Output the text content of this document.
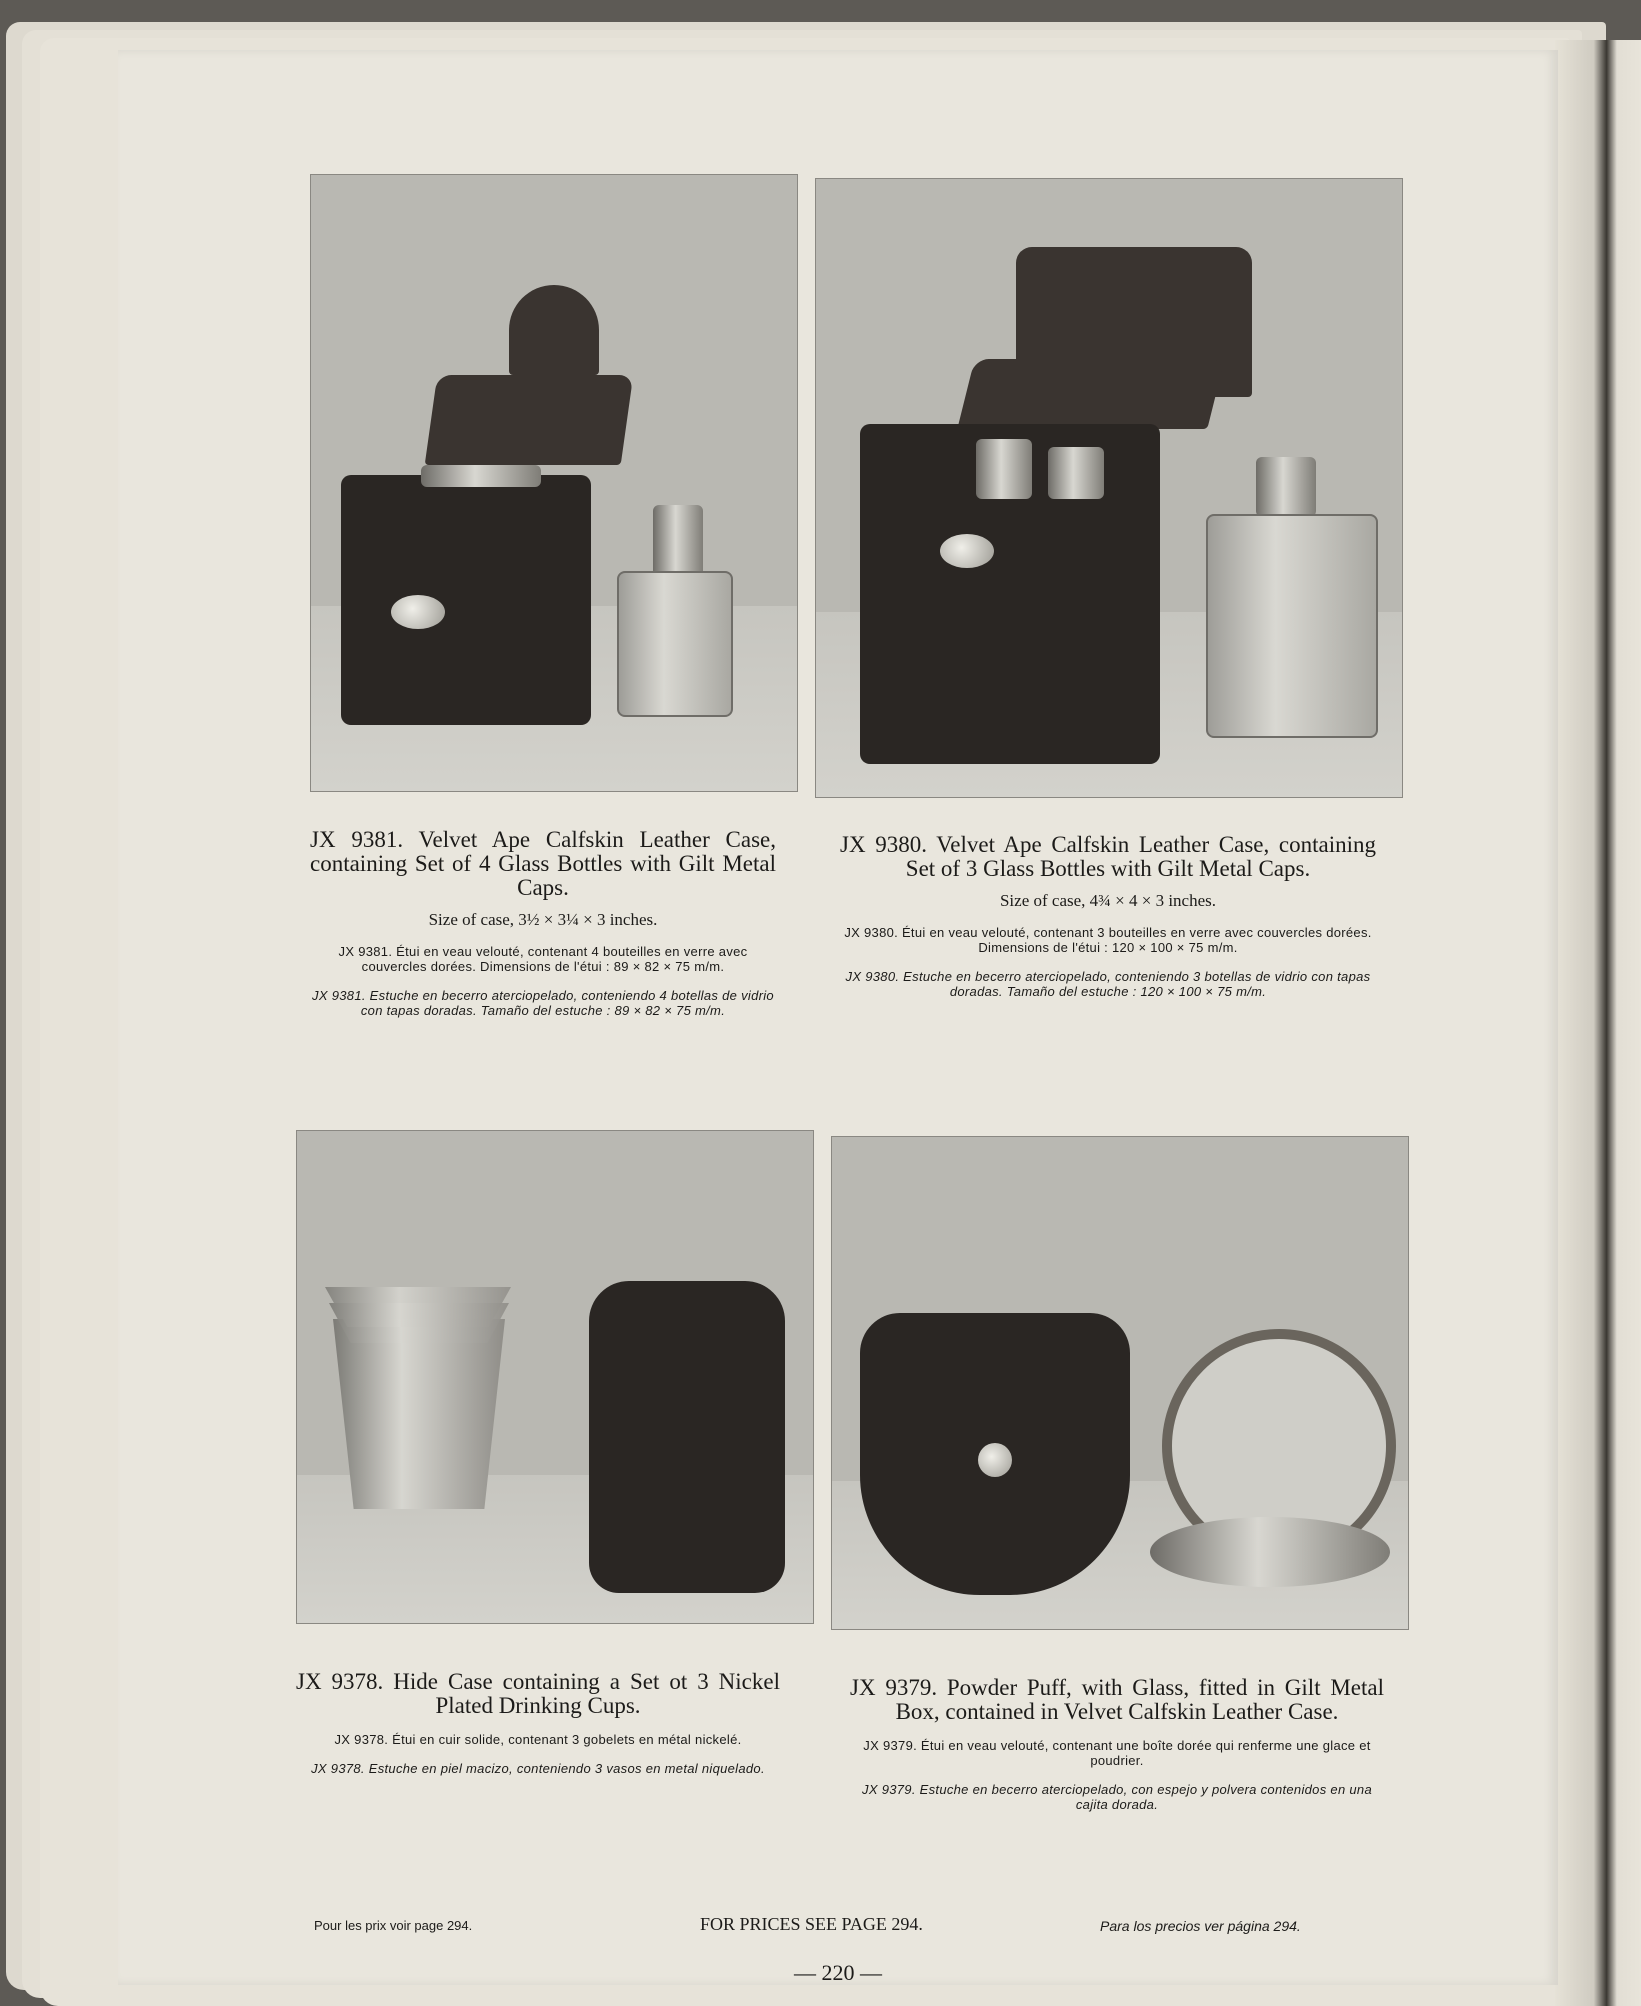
JX 9381. Velvet Ape Calfskin Leather Case, containing Set of 4 Glass Bottles with Gilt Metal Caps.

Size of case, 3½ × 3¼ × 3 inches.

JX 9381. Étui en veau velouté, contenant 4 bouteilles en verre avec couvercles dorées. Dimensions de l'étui : 89 × 82 × 75 m/m.

JX 9381. Estuche en becerro aterciopelado, conteniendo 4 botellas de vidrio con tapas doradas. Tamaño del estuche : 89 × 82 × 75 m/m.

JX 9380. Velvet Ape Calfskin Leather Case, containing Set of 3 Glass Bottles with Gilt Metal Caps.

Size of case, 4¾ × 4 × 3 inches.

JX 9380. Étui en veau velouté, contenant 3 bouteilles en verre avec couvercles dorées. Dimensions de l'étui : 120 × 100 × 75 m/m.

JX 9380. Estuche en becerro aterciopelado, conteniendo 3 botellas de vidrio con tapas doradas. Tamaño del estuche : 120 × 100 × 75 m/m.

JX 9378. Hide Case containing a Set ot 3 Nickel Plated Drinking Cups.

JX 9378. Étui en cuir solide, contenant 3 gobelets en métal nickelé.

JX 9378. Estuche en piel macizo, conteniendo 3 vasos en metal niquelado.

JX 9379. Powder Puff, with Glass, fitted in Gilt Metal Box, contained in Velvet Calfskin Leather Case.

JX 9379. Étui en veau velouté, contenant une boîte dorée qui renferme une glace et poudrier.

JX 9379. Estuche en becerro aterciopelado, con espejo y polvera contenidos en una cajita dorada.

Pour les prix voir page 294.	FOR PRICES SEE PAGE 294.	Para los precios ver página 294.
— 220 —
